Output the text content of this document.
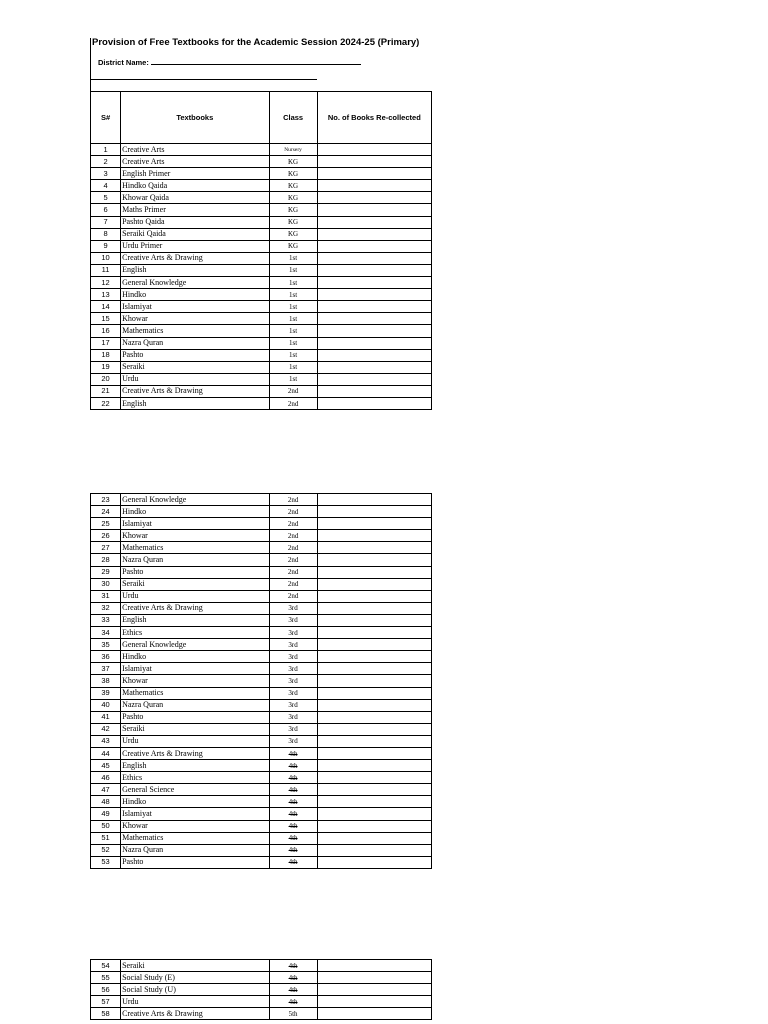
Provision of Free Textbooks for the Academic Session 2024-25 (Primary)
District Name:
S#	Textbooks	Class	No. of Books Re-collected
1	Creative Arts	Nursery	
2	Creative Arts	KG	
3	English Primer	KG	
4	Hindko Qaida	KG	
5	Khowar Qaida	KG	
6	Maths Primer	KG	
7	Pashto Qaida	KG	
8	Seraiki Qaida	KG	
9	Urdu Primer	KG	
10	Creative Arts & Drawing	1st	
11	English	1st	
12	General Knowledge	1st	
13	Hindko	1st	
14	Islamiyat	1st	
15	Khowar	1st	
16	Mathematics	1st	
17	Nazra Quran	1st	
18	Pashto	1st	
19	Seraiki	1st	
20	Urdu	1st	
21	Creative Arts & Drawing	2nd	
22	English	2nd	
23	General Knowledge	2nd	
24	Hindko	2nd	
25	Islamiyat	2nd	
26	Khowar	2nd	
27	Mathematics	2nd	
28	Nazra Quran	2nd	
29	Pashto	2nd	
30	Seraiki	2nd	
31	Urdu	2nd	
32	Creative Arts & Drawing	3rd	
33	English	3rd	
34	Ethics	3rd	
35	General Knowledge	3rd	
36	Hindko	3rd	
37	Islamiyat	3rd	
38	Khowar	3rd	
39	Mathematics	3rd	
40	Nazra Quran	3rd	
41	Pashto	3rd	
42	Seraiki	3rd	
43	Urdu	3rd	
44	Creative Arts & Drawing	4th	
45	English	4th	
46	Ethics	4th	
47	General Science	4th	
48	Hindko	4th	
49	Islamiyat	4th	
50	Khowar	4th	
51	Mathematics	4th	
52	Nazra Quran	4th	
53	Pashto	4th	
54	Seraiki	4th	
55	Social Study (E)	4th	
56	Social Study (U)	4th	
57	Urdu	4th	
58	Creative Arts & Drawing	5th	
